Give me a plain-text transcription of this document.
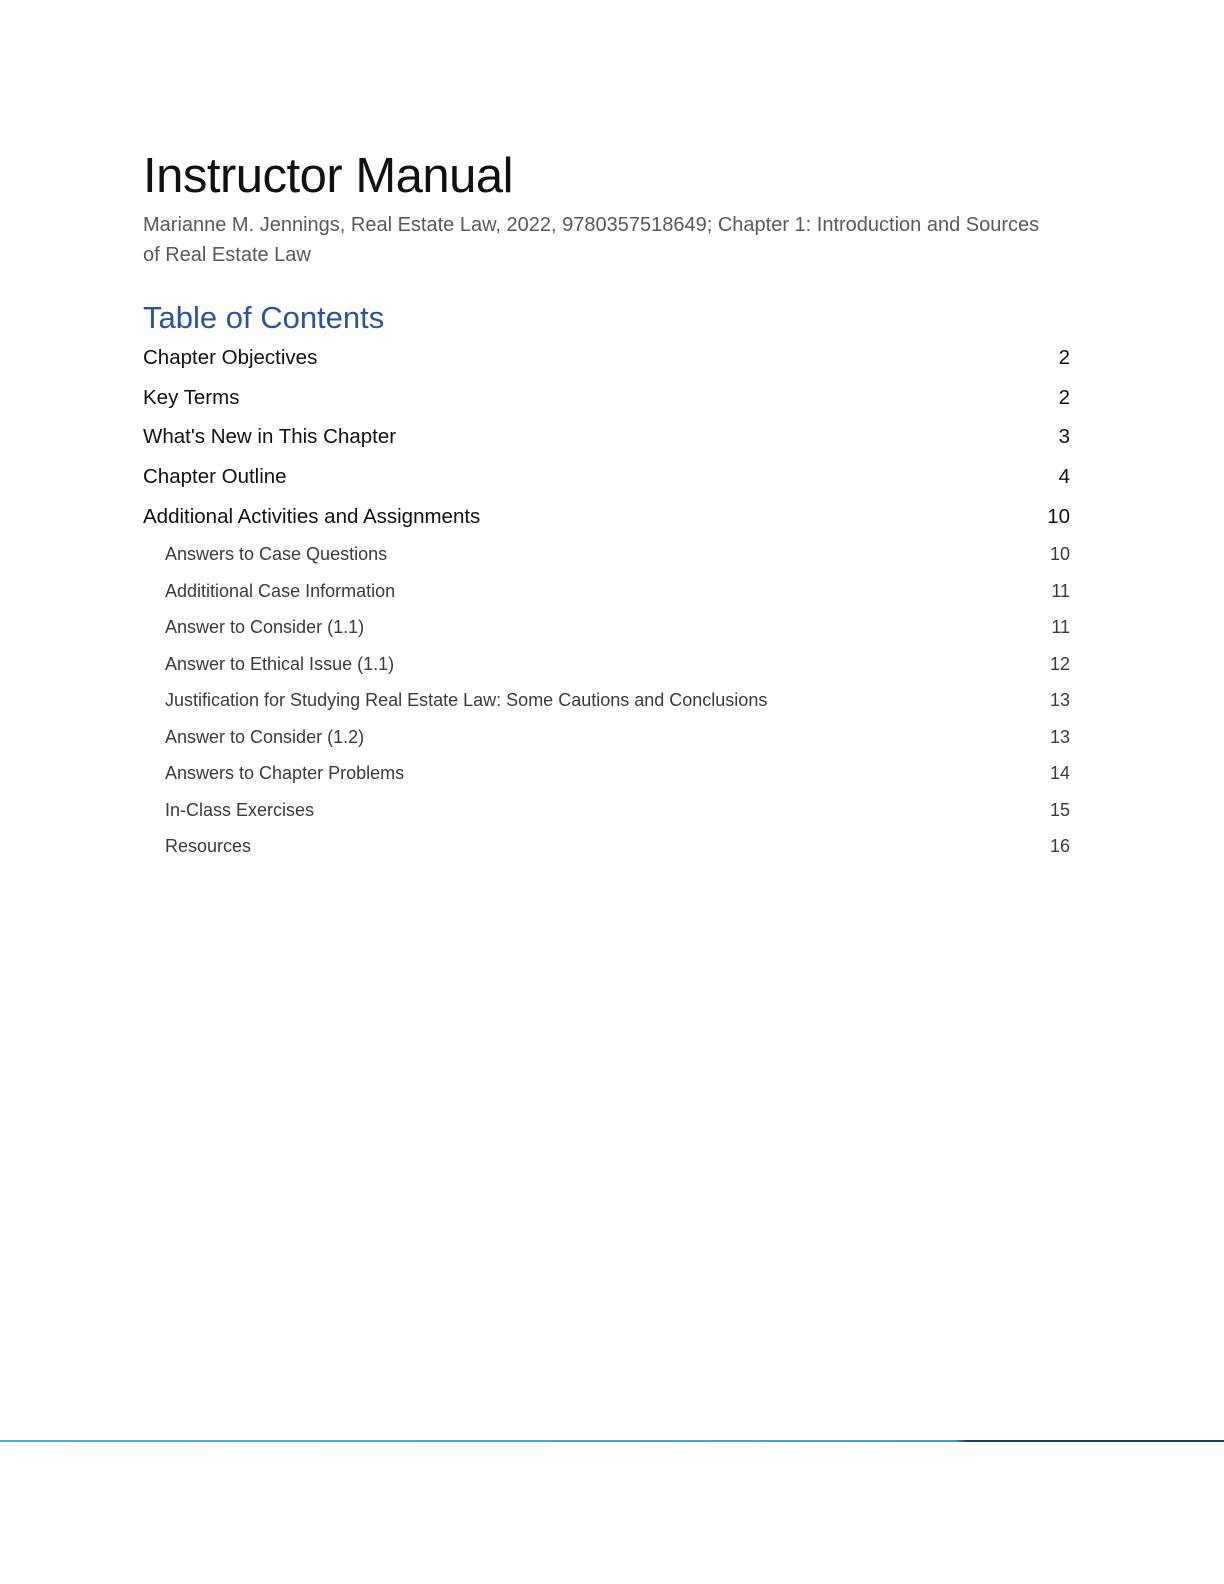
Instructor Manual

Marianne M. Jennings, Real Estate Law, 2022, 9780357518649; Chapter 1: Introduction and Sources of Real Estate Law

Table of Contents
Chapter Objectives	2
Key Terms	2
What's New in This Chapter	3
Chapter Outline	4
Additional Activities and Assignments	10
Answers to Case Questions	10
Addititional Case Information	11
Answer to Consider (1.1)	11
Answer to Ethical Issue (1.1)	12
Justification for Studying Real Estate Law: Some Cautions and Conclusions	13
Answer to Consider (1.2)	13
Answers to Chapter Problems	14
In-Class Exercises	15
Resources	16
